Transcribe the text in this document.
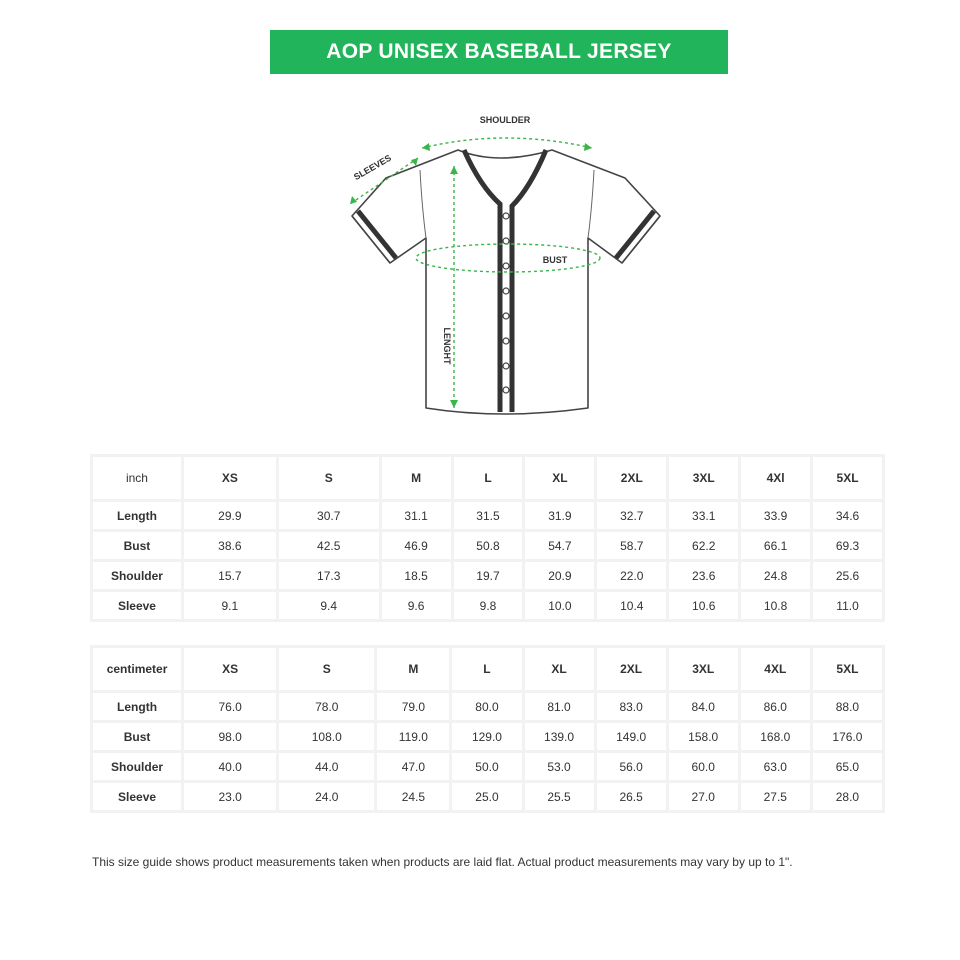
AOP UNISEX BASEBALL JERSEY
SHOULDER
SLEEVES
BUST
LENGHT
inch	XS	S	M	L	XL	2XL	3XL	4Xl	5XL
Length	29.9	30.7	31.1	31.5	31.9	32.7	33.1	33.9	34.6
Bust	38.6	42.5	46.9	50.8	54.7	58.7	62.2	66.1	69.3
Shoulder	15.7	17.3	18.5	19.7	20.9	22.0	23.6	24.8	25.6
Sleeve	9.1	9.4	9.6	9.8	10.0	10.4	10.6	10.8	11.0
centimeter	XS	S	M	L	XL	2XL	3XL	4XL	5XL
Length	76.0	78.0	79.0	80.0	81.0	83.0	84.0	86.0	88.0
Bust	98.0	108.0	119.0	129.0	139.0	149.0	158.0	168.0	176.0
Shoulder	40.0	44.0	47.0	50.0	53.0	56.0	60.0	63.0	65.0
Sleeve	23.0	24.0	24.5	25.0	25.5	26.5	27.0	27.5	28.0
This size guide shows product measurements taken when products are laid flat. Actual product measurements may vary by up to 1".
